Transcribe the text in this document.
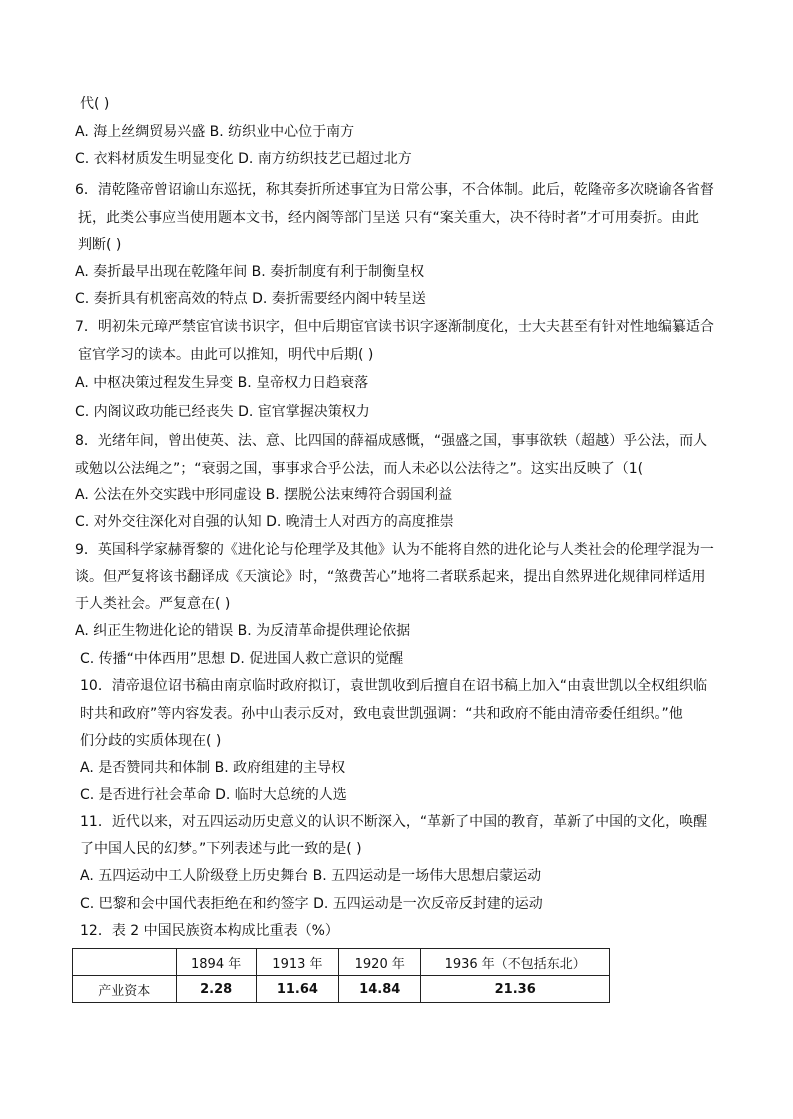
代( )
A. 海上丝绸贸易兴盛 B. 纺织业中心位于南方
C. 衣料材质发生明显变化 D. 南方纺织技艺已超过北方
6．清乾隆帝曾诏谕山东巡抚，称其奏折所述事宜为日常公事，不合体制。此后，乾隆帝多次晓谕各省督
抚，此类公事应当使用题本文书，经内阁等部门呈送 只有“案关重大，决不待时者”才可用奏折。由此
判断( )
A. 奏折最早出现在乾隆年间 B. 奏折制度有利于制衡皇权
C. 奏折具有机密高效的特点 D. 奏折需要经内阁中转呈送
7．明初朱元璋严禁宦官读书识字，但中后期宦官读书识字逐渐制度化，士大夫甚至有针对性地编纂适合
宦官学习的读本。由此可以推知，明代中后期( )
A. 中枢决策过程发生异变 B. 皇帝权力日趋衰落
C. 内阁议政功能已经丧失 D. 宦官掌握决策权力
8．光绪年间，曾出使英、法、意、比四国的薛福成感慨，“强盛之国，事事欲轶（超越）乎公法，而人
或勉以公法绳之”；“衰弱之国，事事求合乎公法，而人未必以公法待之”。这实出反映了（1(
A. 公法在外交实践中形同虚设 B. 摆脱公法束缚符合弱国利益
C. 对外交往深化对自强的认知 D. 晚清士人对西方的高度推崇
9．英国科学家赫胥黎的《进化论与伦理学及其他》认为不能将自然的进化论与人类社会的伦理学混为一
谈。但严复将该书翻译成《天演论》时，“煞费苦心”地将二者联系起来，提出自然界进化规律同样适用
于人类社会。严复意在( )
A. 纠正生物进化论的错误 B. 为反清革命提供理论依据
C. 传播“中体西用”思想 D. 促进国人救亡意识的觉醒
10．清帝退位诏书稿由南京临时政府拟订，袁世凯收到后擅自在诏书稿上加入“由袁世凯以全权组织临
时共和政府”等内容发表。孙中山表示反对，致电袁世凯强调：“共和政府不能由清帝委任组织。”他
们分歧的实质体现在( )
A. 是否赞同共和体制 B. 政府组建的主导权
C. 是否进行社会革命 D. 临时大总统的人选
11．近代以来，对五四运动历史意义的认识不断深入，“革新了中国的教育，革新了中国的文化，唤醒
了中国人民的幻梦。”下列表述与此一致的是( )
A. 五四运动中工人阶级登上历史舞台 B. 五四运动是一场伟大思想启蒙运动
C. 巴黎和会中国代表拒绝在和约签字 D. 五四运动是一次反帝反封建的运动
12．表 2 中国民族资本构成比重表（%）
	1894 年	1913 年	1920 年	1936 年（不包括东北）
产业资本	2.28	11.64	14.84	21.36
